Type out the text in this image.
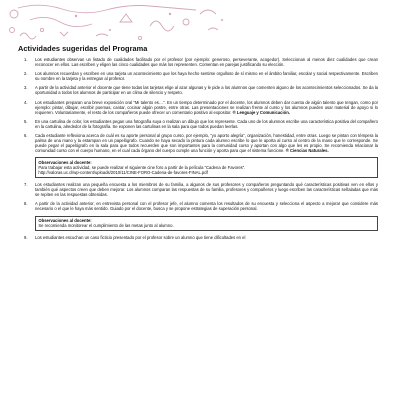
Actividades sugeridas del Programa
1.	Los estudiantes observan un listado de cualidades facilitado por el profesor (por ejemplo: generoso, perseverante, acogedor). Seleccionan al menos diez cualidades que crean reconocer en ellos. Las escriben y eligen las cinco cualidades que más los representen. Comentan en parejas justificando su elección.
2.	Los alumnos recuerdan y escriben en una tarjeta un acontecimiento que los haya hecho sentirse orgulloso de sí mismo en el ámbito familiar, escolar y social respectivamente. Escriben su nombre en la tarjeta y la entregan al profesor.
3.	A partir de la actividad anterior el docente que tiene todas las tarjetas elige al azar algunas y le pide a los alumnos que comenten alguno de los acontecimientos seleccionados. Se da la oportunidad a todos los alumnos de participar en un clima de silencio y respeto.
4.	Los estudiantes preparan una breve exposición oral “Mi talento es…”. En un tiempo determinado por el docente, los alumnos deben dar cuenta de algún talento que tengan, como por ejemplo: pintar, dibujar, escribir poemas, cantar, cocinar algún postre, entre otras. Las presentaciones se realizan frente al curso y los alumnos pueden usar material de apoyo si lo requieren. Voluntariamente, el resto de los compañeros puede ofrecer un comentario positivo al expositor. ® Lenguaje y Comunicación.
5.	En una cartulina de color, los estudiantes pegan una fotografía suya o realizan un dibujo que los represente. Cada uno de los alumnos escribe una característica positiva del compañero en la cartulina, alrededor de la fotografía. Se exponen las cartulinas en la sala para que todos puedan leerlas.
6.	Cada estudiante reflexiona acerca de cuál es su aporte personal al grupo curso, por ejemplo, “yo aporto alegría”, organización, honestidad, entre otras. Luego se pintan con témpera la palma de una mano y la estampan en un papelógrafo. Cuando se haya secado la pintura cada alumno escribe lo que le aporta al curso al centro de la mano que le corresponde. Se puede pegar el papelógrafo en la sala para que todos recuerden que son importantes para la comunidad curso y aportan con algo que les es propio. Se recomienda relacionar la comunidad curso con el cuerpo humano, en el cual cada órgano del cuerpo cumple una función y aporta para que el sistema funcione. ® Ciencias Naturales.
Observaciones al docente:
Para trabajar esta actividad, se puede realizar el siguiente cine foro a partir de la película “Cadena de Favores”.
http://valoras.uc.cl/wp-content/uploads/2010/11/CINE-FORO-Cadena-de-favores-FINAL.pdf
7.	Los estudiantes realizan una pequeña encuesta a los miembros de su familia, a algunos de sus profesores y compañeros preguntando qué características positivas ven en ellos y también qué aspectos creen que deben mejorar. Los alumnos comparan las respuestas de su familia, profesores y compañeros y luego escriben las características señaladas que más se repiten en las respuestas obtenidas.
8.	A partir de la actividad anterior, en entrevista personal con el profesor jefe, el alumno comenta los resultados de su encuesta y selecciona el aspecto a mejorar que considere más necesario o el que le haya más sentido. Guiado por el docente, busca y se propone estrategias de superación personal.
Observaciones al docente:
Se recomienda monitorear el cumplimiento de las metas junto al alumno.
9.	Los estudiantes escuchan un caso ficticio presentado por el profesor sobre un alumno que tiene dificultades en el
